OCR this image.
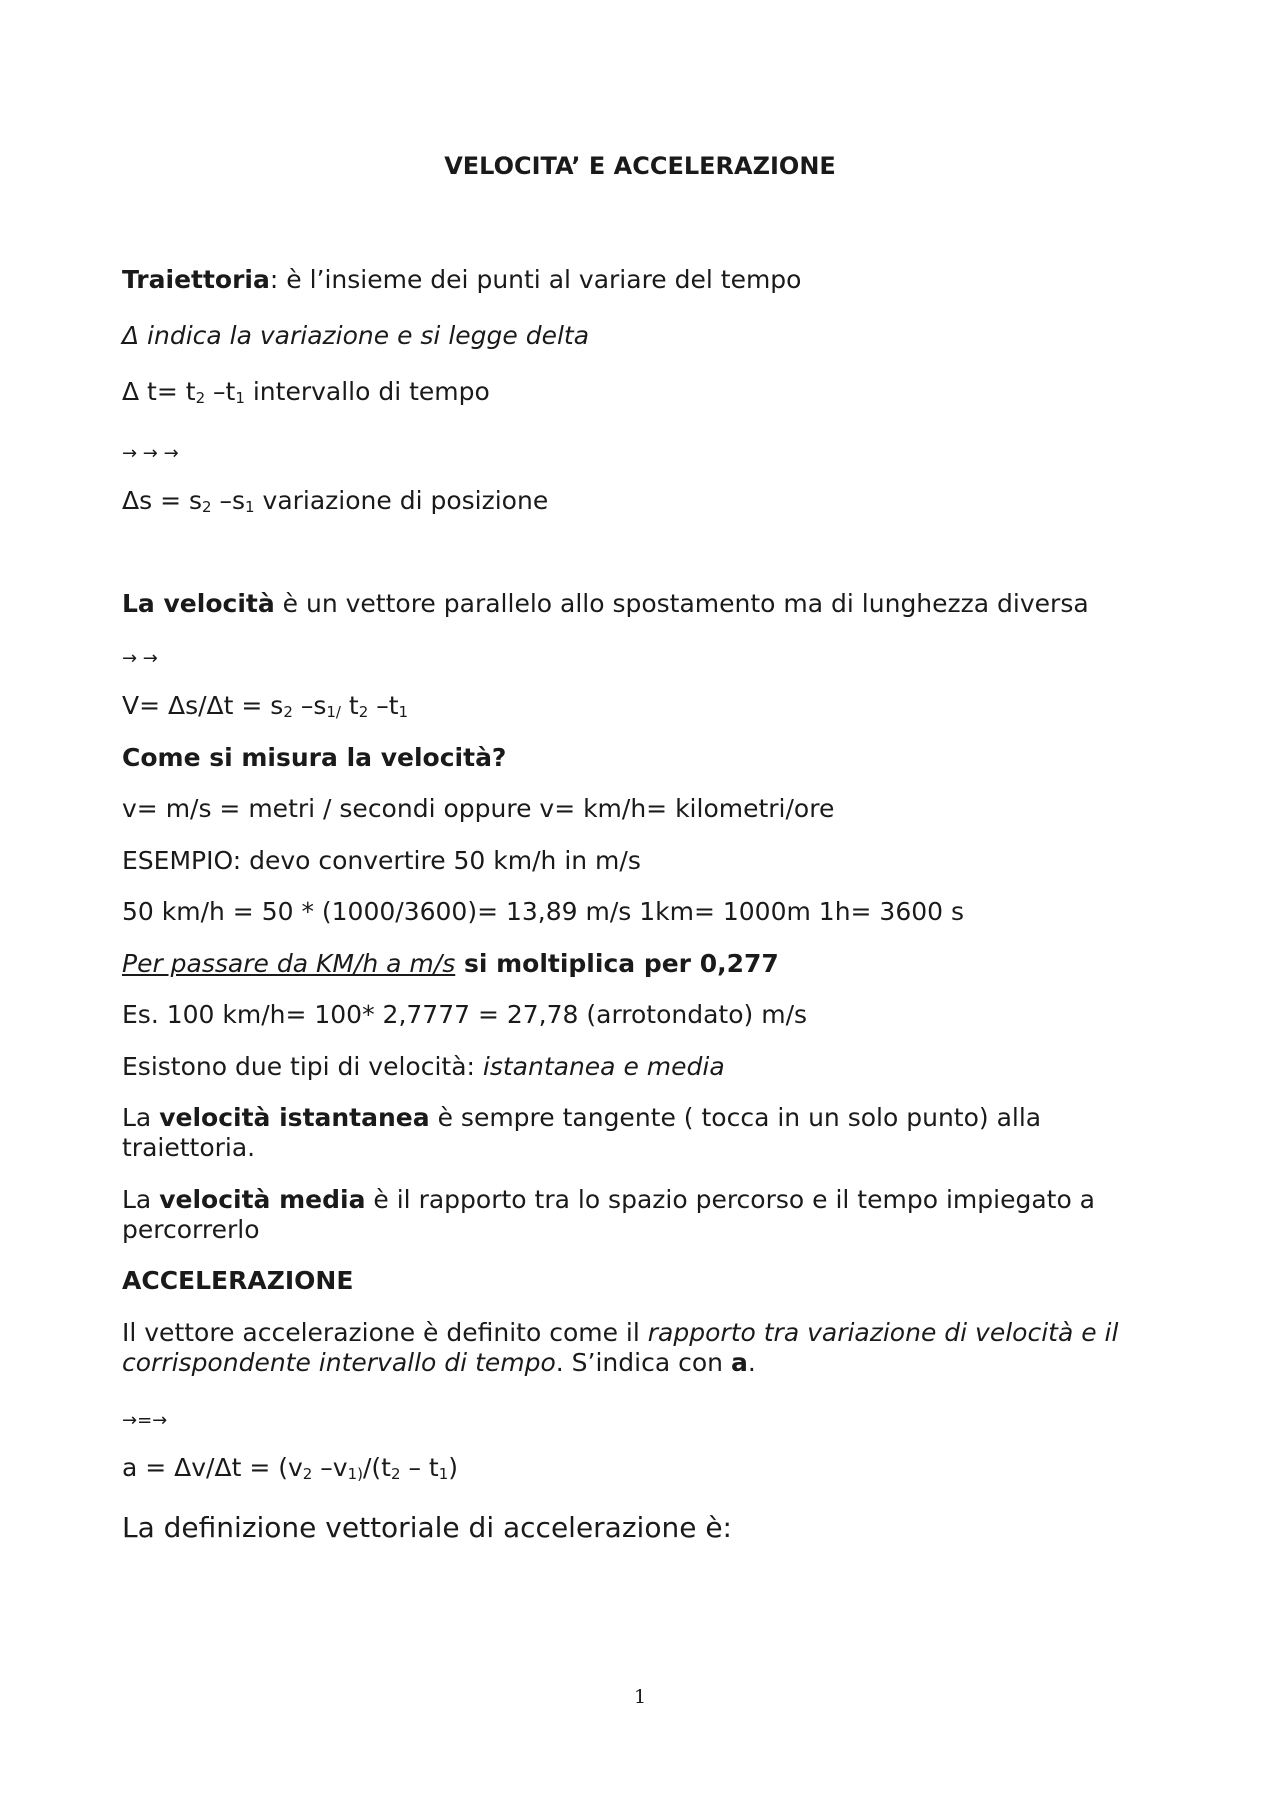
VELOCITA’ E ACCELERAZIONE
Traiettoria: è l’insieme dei punti al variare del tempo
Δ indica la variazione e si legge delta
Δ $t= t_2$ $-t_1$ intervallo di tempo
→ → →
$\Delta s = s_2$ $-s_1$ variazione di posizione
La velocità è un vettore parallelo allo spostamento ma di lunghezza diversa
→ →
$V= \Delta s/\Delta t = s_2$ $-s_{1/}$ $t_2$ $-t_1$
Come si misura la velocità?
v= m/s = metri / secondi oppure v= km/h= kilometri/ore
ESEMPIO: devo convertire 50 km/h in m/s
50 km/h = 50 * (1000/3600)= 13,89 m/s 1km= 1000m 1h= 3600 s
Per passare da KM/h a m/s si moltiplica per 0,277
Es. 100 km/h= 100* 2,7777 = 27,78 (arrotondato) m/s
Esistono due tipi di velocità: istantanea e media
La velocità istantanea è sempre tangente ( tocca in un solo punto) alla traiettoria.
La velocità media è il rapporto tra lo spazio percorso e il tempo impiegato a percorrerlo
ACCELERAZIONE
Il vettore accelerazione è definito come il rapporto tra variazione di velocità e il corrispondente intervallo di tempo. S’indica con a.
→=→
$a = \Delta v/\Delta t = (v_2$ $-v_{1)}/(t_2 - t_1)$
La definizione vettoriale di accelerazione è:
1
